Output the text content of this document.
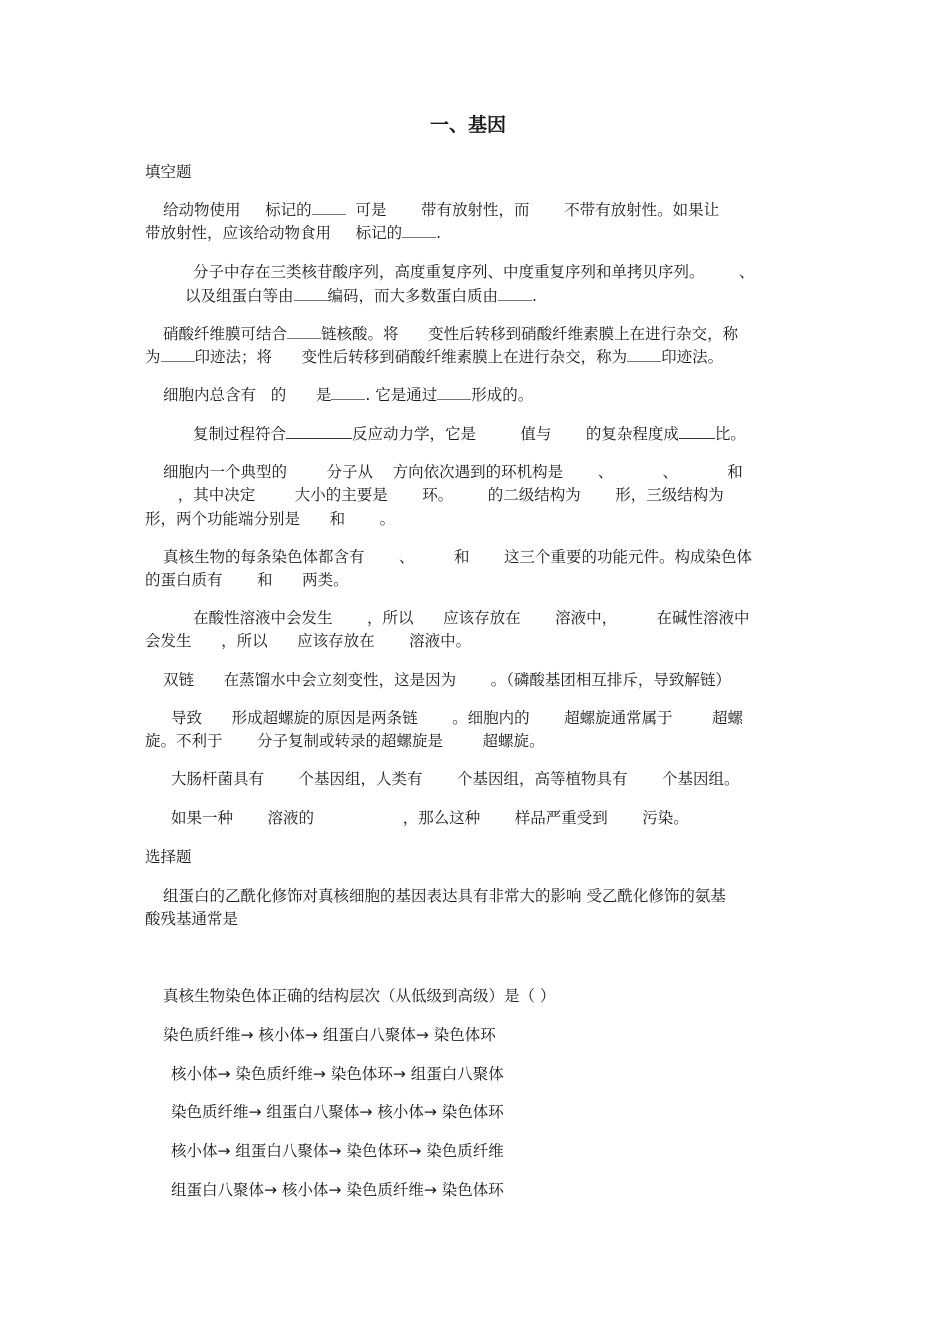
一、基因
填空题
给动物使用 标记的	可是 带有放射性，而 不带有放射性。如果让
带放射性，应该给动物食用 标记的 .
分子中存在三类核苷酸序列，高度重复序列、中度重复序列和单拷贝序列。 、
以及组蛋白等由 编码，而大多数蛋白质由 .
硝酸纤维膜可结合 链核酸。将 变性后转移到硝酸纤维素膜上在进行杂交，称
为 印迹法；将 变性后转移到硝酸纤维素膜上在进行杂交，称为 印迹法。
细胞内总含有 的 是 . 它是通过 形成的。
复制过程符合	反应动力学，它是	值与 的复杂程度成 比。
细胞内一个典型的	分子从 方向依次遇到的环机构是 、	、	和
，其中决定	大小的主要是 环。 的二级结构为 形，三级结构为
形，两个功能端分别是 和 。
真核生物的每条染色体都含有 、	和 这三个重要的功能元件。构成染色体
的蛋白质有 和 两类。
在酸性溶液中会发生 ，所以 应该存放在 溶液中，	在碱性溶液中
会发生 ，所以 应该存放在 溶液中。
双链 在蒸馏水中会立刻变性，这是因为 。（磷酸基团相互排斥，导致解链）
导致 形成超螺旋的原因是两条链 。细胞内的 超螺旋通常属于	超螺
旋。不利于 分子复制或转录的超螺旋是	超螺旋。
大肠杆菌具有 个基因组，人类有 个基因组，高等植物具有 个基因组。
如果一种 溶液的	，那么这种 样品严重受到 污染。
选择题
组蛋白的乙酰化修饰对真核细胞的基因表达具有非常大的影响 受乙酰化修饰的氨基
酸残基通常是
真核生物染色体正确的结构层次（从低级到高级）是（ ）
染色质纤维→ 核小体→ 组蛋白八聚体→ 染色体环
核小体→ 染色质纤维→ 染色体环→ 组蛋白八聚体
染色质纤维→ 组蛋白八聚体→ 核小体→ 染色体环
核小体→ 组蛋白八聚体→ 染色体环→ 染色质纤维
组蛋白八聚体→ 核小体→ 染色质纤维→ 染色体环
